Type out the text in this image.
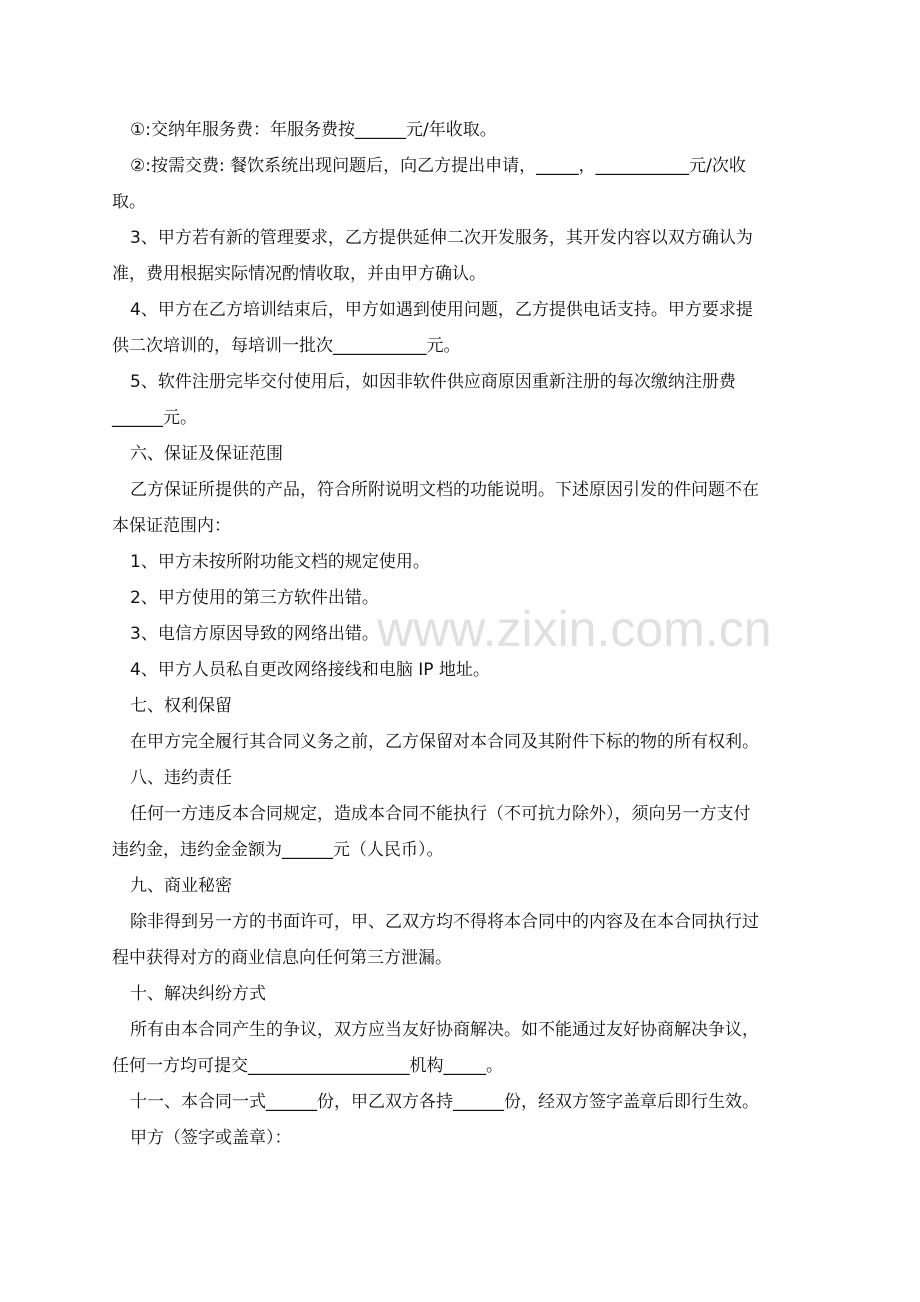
www.zixin.com.cn

①:交纳年服务费：年服务费按______元/年收取。

②:按需交费: 餐饮系统出现问题后，向乙方提出申请，_____，___________元/次收

取。

3、甲方若有新的管理要求，乙方提供延伸二次开发服务，其开发内容以双方确认为

准，费用根据实际情况酌情收取，并由甲方确认。

4、甲方在乙方培训结束后，甲方如遇到使用问题，乙方提供电话支持。甲方要求提

供二次培训的，每培训一批次___________元。

5、软件注册完毕交付使用后，如因非软件供应商原因重新注册的每次缴纳注册费

______元。

六、保证及保证范围

乙方保证所提供的产品，符合所附说明文档的功能说明。下述原因引发的件问题不在

本保证范围内：

1、甲方未按所附功能文档的规定使用。

2、甲方使用的第三方软件出错。

3、电信方原因导致的网络出错。

4、甲方人员私自更改网络接线和电脑 IP 地址。

七、权利保留

在甲方完全履行其合同义务之前，乙方保留对本合同及其附件下标的物的所有权利。

八、违约责任

任何一方违反本合同规定，造成本合同不能执行（不可抗力除外），须向另一方支付

违约金，违约金金额为______元（人民币）。

九、商业秘密

除非得到另一方的书面许可，甲、乙双方均不得将本合同中的内容及在本合同执行过

程中获得对方的商业信息向任何第三方泄漏。

十、解决纠纷方式

所有由本合同产生的争议，双方应当友好协商解决。如不能通过友好协商解决争议，

任何一方均可提交___________________机构_____。

十一、本合同一式______份，甲乙双方各持______份，经双方签字盖章后即行生效。

甲方（签字或盖章）：
